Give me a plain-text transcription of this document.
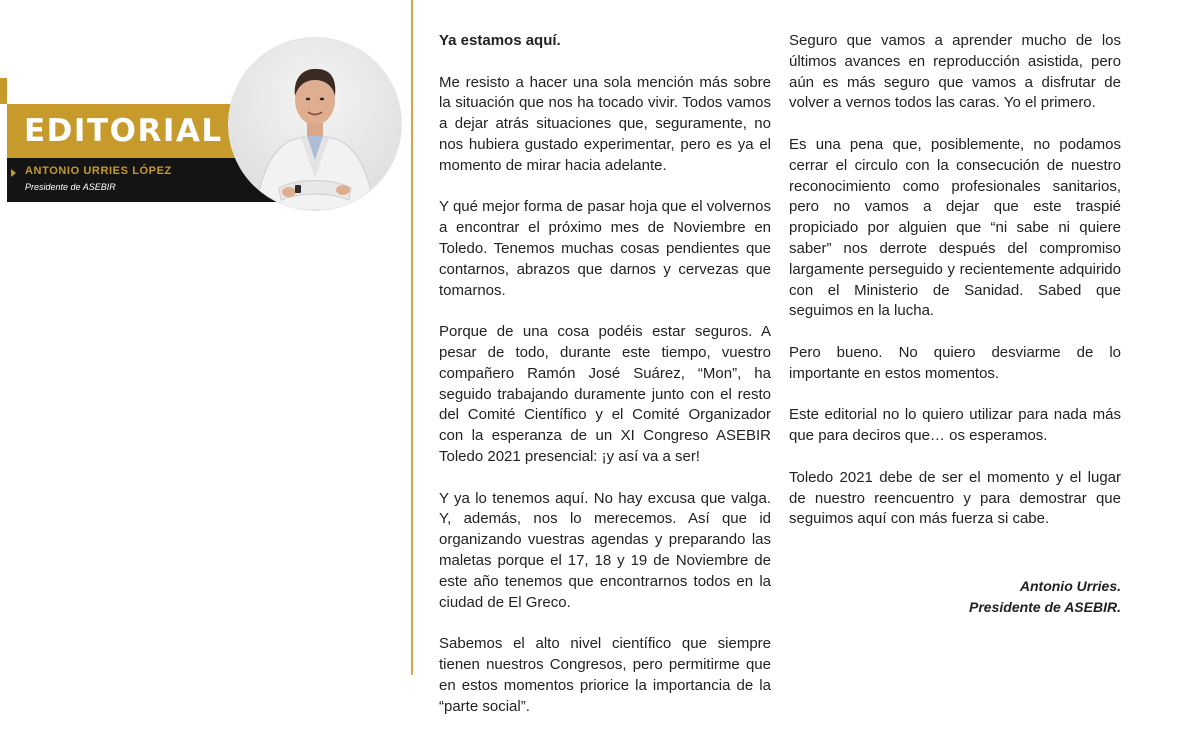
EDITORIAL
ANTONIO URRIES LÓPEZ
Presidente de ASEBIR
Ya estamos aquí.

Me resisto a hacer una sola mención más sobre la situación que nos ha tocado vivir. Todos vamos a dejar atrás situaciones que, seguramente, no nos hubiera gustado experimentar, pero es ya el momento de mirar hacia adelante.

Y qué mejor forma de pasar hoja que el volvernos a encontrar el próximo mes de Noviembre en Toledo. Tenemos muchas cosas pendientes que contarnos, abrazos que darnos y cervezas que tomarnos.

Porque de una cosa podéis estar seguros. A pesar de todo, durante este tiempo, vuestro compañero Ramón José Suárez, “Mon”, ha seguido trabajando duramente junto con el resto del Comité Científico y el Comité Organizador con la esperanza de un XI Congreso ASEBIR Toledo 2021 presencial: ¡y así va a ser!

Y ya lo tenemos aquí. No hay excusa que valga. Y, además, nos lo merecemos. Así que id organizando vuestras agendas y preparando las maletas porque el 17, 18 y 19 de Noviembre de este año tenemos que encontrarnos todos en la ciudad de El Greco.

Sabemos el alto nivel científico que siempre tienen nuestros Congresos, pero permitirme que en estos momentos priorice la importancia de la “parte social”.

Seguro que vamos a aprender mucho de los últimos avances en reproducción asistida, pero aún es más seguro que vamos a disfrutar de volver a vernos todos las caras. Yo el primero.

Es una pena que, posiblemente, no podamos cerrar el circulo con la consecución de nuestro reconocimiento como profesionales sanitarios, pero no vamos a dejar que este traspié propiciado por alguien que “ni sabe ni quiere saber” nos derrote después del compromiso largamente perseguido y recientemente adquirido con el Ministerio de Sanidad. Sabed que seguimos en la lucha.

Pero bueno. No quiero desviarme de lo importante en estos momentos.

Este editorial no lo quiero utilizar para nada más que para deciros que… os esperamos.

Toledo 2021 debe de ser el momento y el lugar de nuestro reencuentro y para demostrar que seguimos aquí con más fuerza si cabe.

Antonio Urries.
Presidente de ASEBIR.
